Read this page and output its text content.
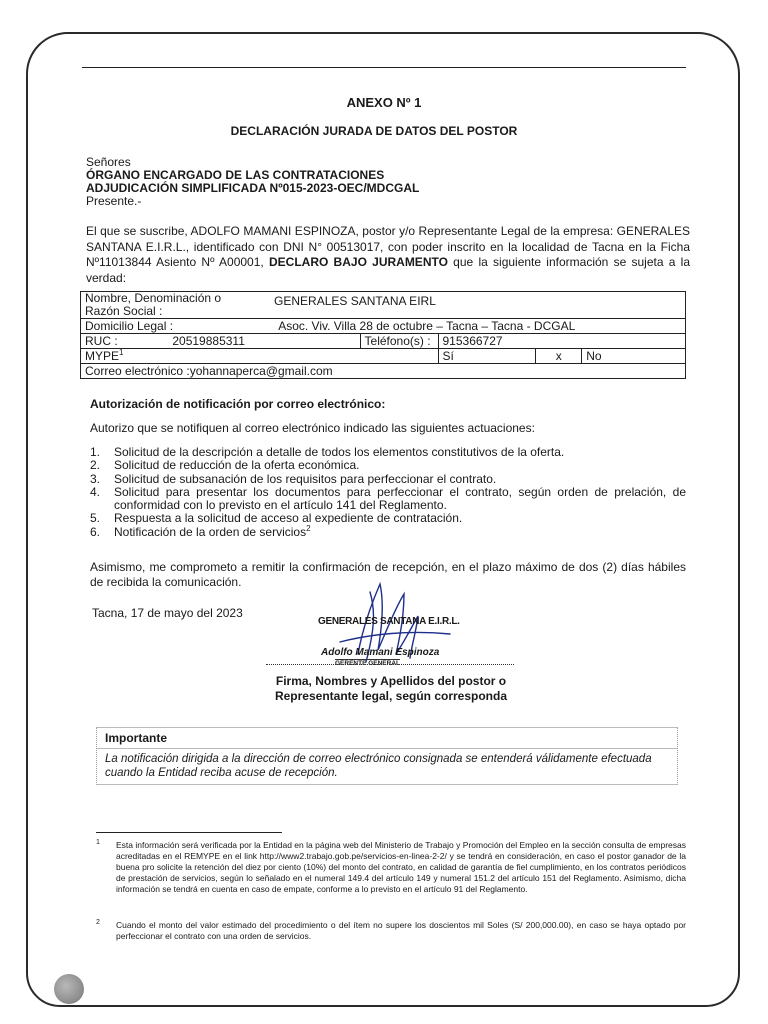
ANEXO Nº 1

DECLARACIÓN JURADA DE DATOS DEL POSTOR

Señores
ÓRGANO ENCARGADO DE LAS CONTRATACIONES
ADJUDICACIÓN SIMPLIFICADA Nº015-2023-OEC/MDCGAL
Presente.-

El que se suscribe, ADOLFO MAMANI ESPINOZA, postor y/o Representante Legal de la empresa: GENERALES SANTANA E.I.R.L., identificado con DNI N° 00513017, con poder inscrito en la localidad de Tacna en la Ficha Nº11013844 Asiento Nº A00001, DECLARO BAJO JURAMENTO que la siguiente información se sujeta a la verdad:

Nombre, Denominación o
Razón Social :			GENERALES SANTANA EIRL			

Domicilio Legal :		Asoc. Viv. Villa 28 de octubre – Tacna – Tacna - DCGAL				
RUC :	20519885311		Teléfono(s) :	915366727		
MYPE$^1$				Sí	x	No
Correo electrónico :yohannaperca@gmail.com						

Autorización de notificación por correo electrónico:

Autorizo que se notifiquen al correo electrónico indicado las siguientes actuaciones:

1. Solicitud de la descripción a detalle de todos los elementos constitutivos de la oferta.
2. Solicitud de reducción de la oferta económica.
3. Solicitud de subsanación de los requisitos para perfeccionar el contrato.
4. Solicitud para presentar los documentos para perfeccionar el contrato, según orden de prelación, de conformidad con lo previsto en el artículo 141 del Reglamento.
5. Respuesta a la solicitud de acceso al expediente de contratación.
6. Notificación de la orden de servicios$^2$

Asimismo, me comprometo a remitir la confirmación de recepción, en el plazo máximo de dos (2) días hábiles de recibida la comunicación.

Tacna, 17 de mayo del 2023

GENERALES SANTANA E.I.R.L.

Adolfo Mamani Espinoza

GERENTE GENERAL

Firma, Nombres y Apellidos del postor o
Representante legal, según corresponda
Importante
La notificación dirigida a la dirección de correo electrónico consignada se entenderá válidamente efectuada cuando la Entidad reciba acuse de recepción.
1 Esta información será verificada por la Entidad en la página web del Ministerio de Trabajo y Promoción del Empleo en la sección consulta de empresas acreditadas en el REMYPE en el link http://www2.trabajo.gob.pe/servicios-en-linea-2-2/ y se tendrá en consideración, en caso el postor ganador de la buena pro solicite la retención del diez por ciento (10%) del monto del contrato, en calidad de garantía de fiel cumplimiento, en los contratos periódicos de prestación de servicios, según lo señalado en el numeral 149.4 del artículo 149 y numeral 151.2 del artículo 151 del Reglamento. Asimismo, dicha información se tendrá en cuenta en caso de empate, conforme a lo previsto en el artículo 91 del Reglamento.
2 Cuando el monto del valor estimado del procedimiento o del ítem no supere los doscientos mil Soles (S/ 200,000.00), en caso se haya optado por perfeccionar el contrato con una orden de servicios.
